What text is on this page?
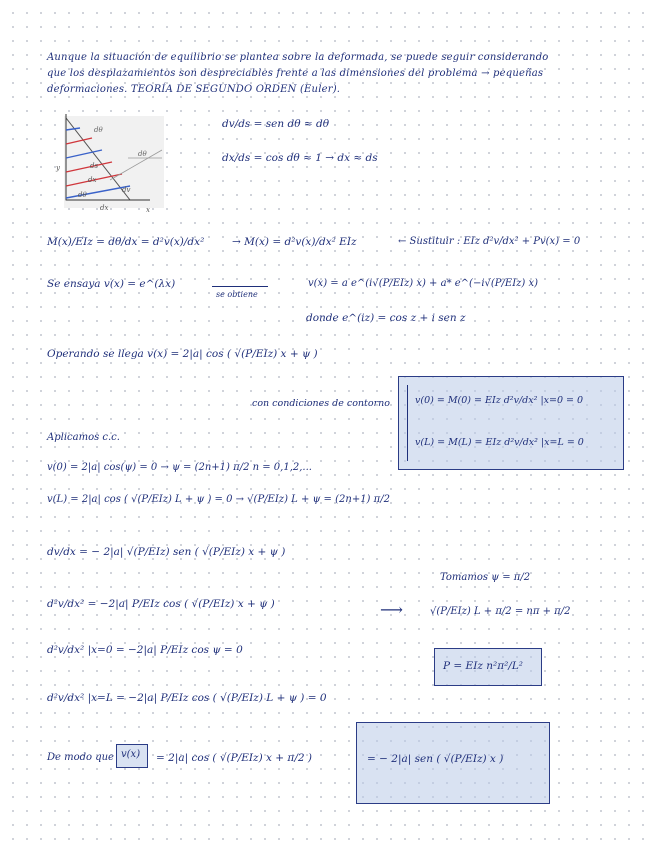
Aunque la situación de equilibrio se plantea sobre la deformada, se puede seguir considerando
que los desplazamientos son despreciables frente a las dimensiones del problema → pequeñas
deformaciones. TEORÍA DE SEGUNDO ORDEN (Euler).
dθ
dθ
ds
dx
dv
dθ
dx	x
y
dv/ds = sen dθ ≈ dθ
dx/ds = cos dθ ≈ 1 → dx ≈ ds
M(x)/EIz = dθ/dx = d²v(x)/dx²	→ M(x) = d²v(x)/dx² EIz	← Sustituir : EIz d²v/dx² + Pv(x) = 0
Se ensaya v(x) = e^(λx)
se obtiene
v(x) = a e^(i√(P/EIz) x) + a* e^(−i√(P/EIz) x)
donde e^(iz) = cos z + i sen z
Operando se llega v(x) = 2|a| cos ( √(P/EIz) x + ψ )
con condiciones de contorno	v(0) = M(0) = EIz d²v/dx² |x=0 = 0
v(L) = M(L) = EIz d²v/dx² |x=L = 0
Aplicamos c.c.
v(0) = 2|a| cos(ψ) = 0 → ψ = (2n+1) π/2 n = 0,1,2,...
v(L) = 2|a| cos ( √(P/EIz) L + ψ ) = 0 → √(P/EIz) L + ψ = (2n+1) π/2
dv/dx = − 2|a| √(P/EIz) sen ( √(P/EIz) x + ψ )
d²v/dx² = −2|a| P/EIz cos ( √(P/EIz) x + ψ )
d²v/dx² |x=0 = −2|a| P/EIz cos ψ = 0
d²v/dx² |x=L = −2|a| P/EIz cos ( √(P/EIz) L + ψ ) = 0
Tomamos ψ = π/2
⟶	√(P/EIz) L + π/2 = nπ + π/2
P = EIz n²π²/L²
De modo que v(x) = 2|a| cos ( √(P/EIz) x + π/2 )	= − 2|a| sen ( √(P/EIz) x )
